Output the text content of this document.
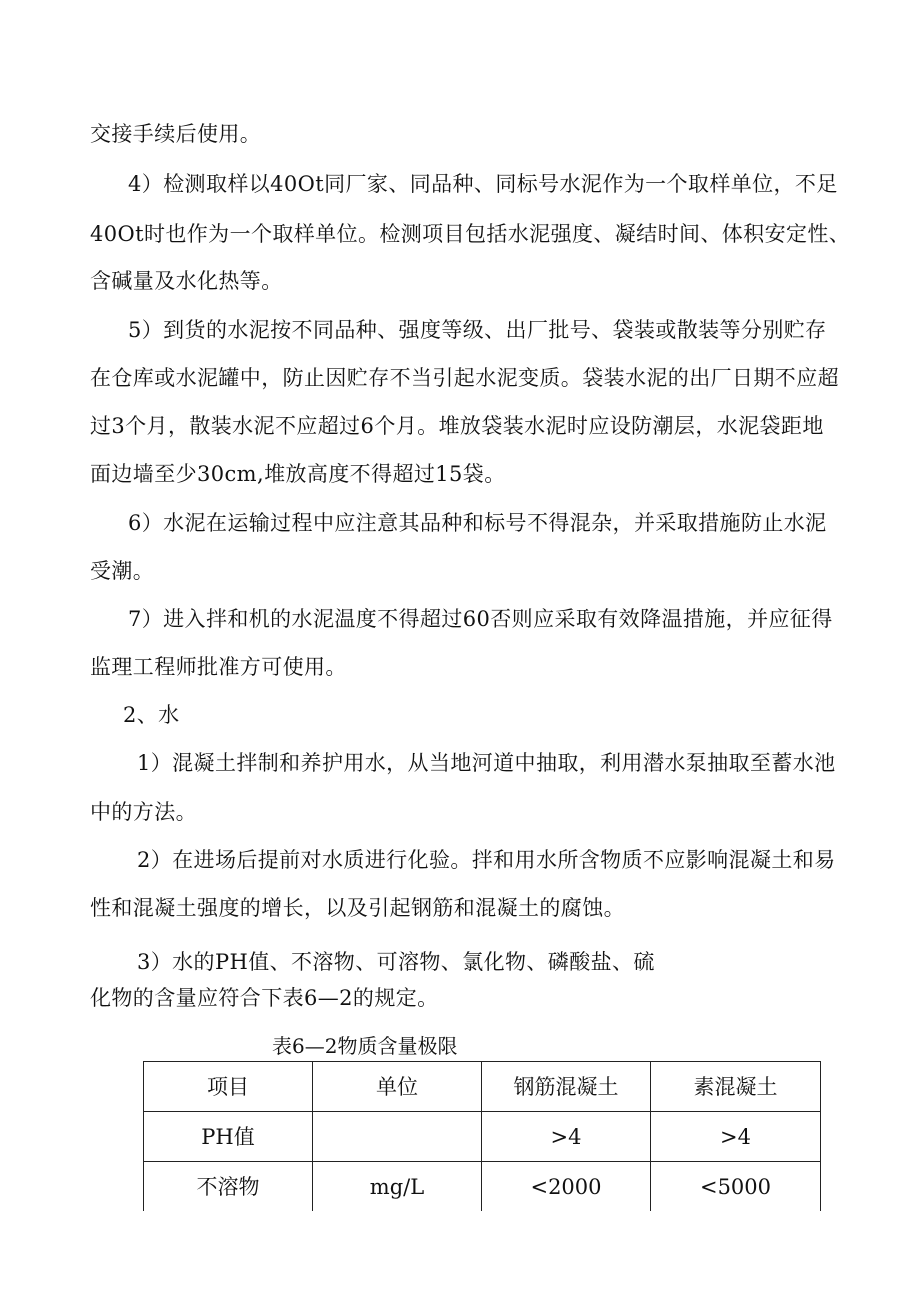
交接手续后使用。
4）检测取样以40Ot同厂家、同品种、同标号水泥作为一个取样单位，不足
40Ot时也作为一个取样单位。检测项目包括水泥强度、凝结时间、体积安定性、
含碱量及水化热等。
5）到货的水泥按不同品种、强度等级、出厂批号、袋装或散装等分别贮存
在仓库或水泥罐中，防止因贮存不当引起水泥变质。袋装水泥的出厂日期不应超
过3个月，散装水泥不应超过6个月。堆放袋装水泥时应设防潮层，水泥袋距地
面边墙至少30cm,堆放高度不得超过15袋。
6）水泥在运输过程中应注意其品种和标号不得混杂，并采取措施防止水泥
受潮。
7）进入拌和机的水泥温度不得超过60否则应采取有效降温措施，并应征得
监理工程师批准方可使用。
2、水
1）混凝土拌制和养护用水，从当地河道中抽取，利用潜水泵抽取至蓄水池
中的方法。
2）在进场后提前对水质进行化验。拌和用水所含物质不应影响混凝土和易
性和混凝土强度的增长，以及引起钢筋和混凝土的腐蚀。
3）水的PH值、不溶物、可溶物、氯化物、磷酸盐、硫
化物的含量应符合下表6—2的规定。
表6—2物质含量极限
项目	单位	钢筋混凝土	素混凝土
PH值		>4	>4
不溶物	mg/L	<2000	<5000
